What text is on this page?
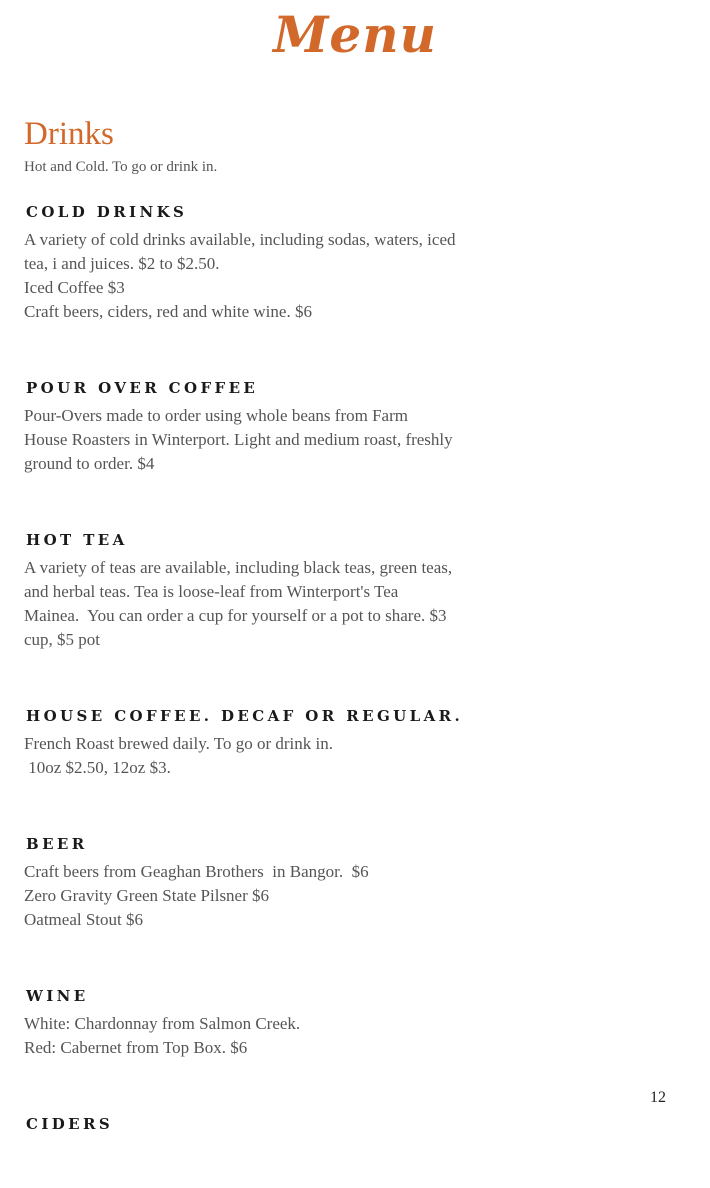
Menu
Drinks
Hot and Cold. To go or drink in.
COLD DRINKS
A variety of cold drinks available, including sodas, waters, iced
tea, i and juices. $2 to $2.50.
Iced Coffee $3
Craft beers, ciders, red and white wine. $6
POUR OVER COFFEE
Pour-Overs made to order using whole beans from Farm
House Roasters in Winterport. Light and medium roast, freshly
ground to order. $4
HOT TEA
A variety of teas are available, including black teas, green teas,
and herbal teas. Tea is loose-leaf from Winterport's Tea
Mainea.  You can order a cup for yourself or a pot to share. $3
cup, $5 pot
HOUSE COFFEE. DECAF OR REGULAR.
French Roast brewed daily. To go or drink in.
10oz $2.50, 12oz $3.
BEER
Craft beers from Geaghan Brothers  in Bangor.  $6
Zero Gravity Green State Pilsner $6
Oatmeal Stout $6
WINE
White: Chardonnay from Salmon Creek.
Red: Cabernet from Top Box. $6
CIDERS
12
